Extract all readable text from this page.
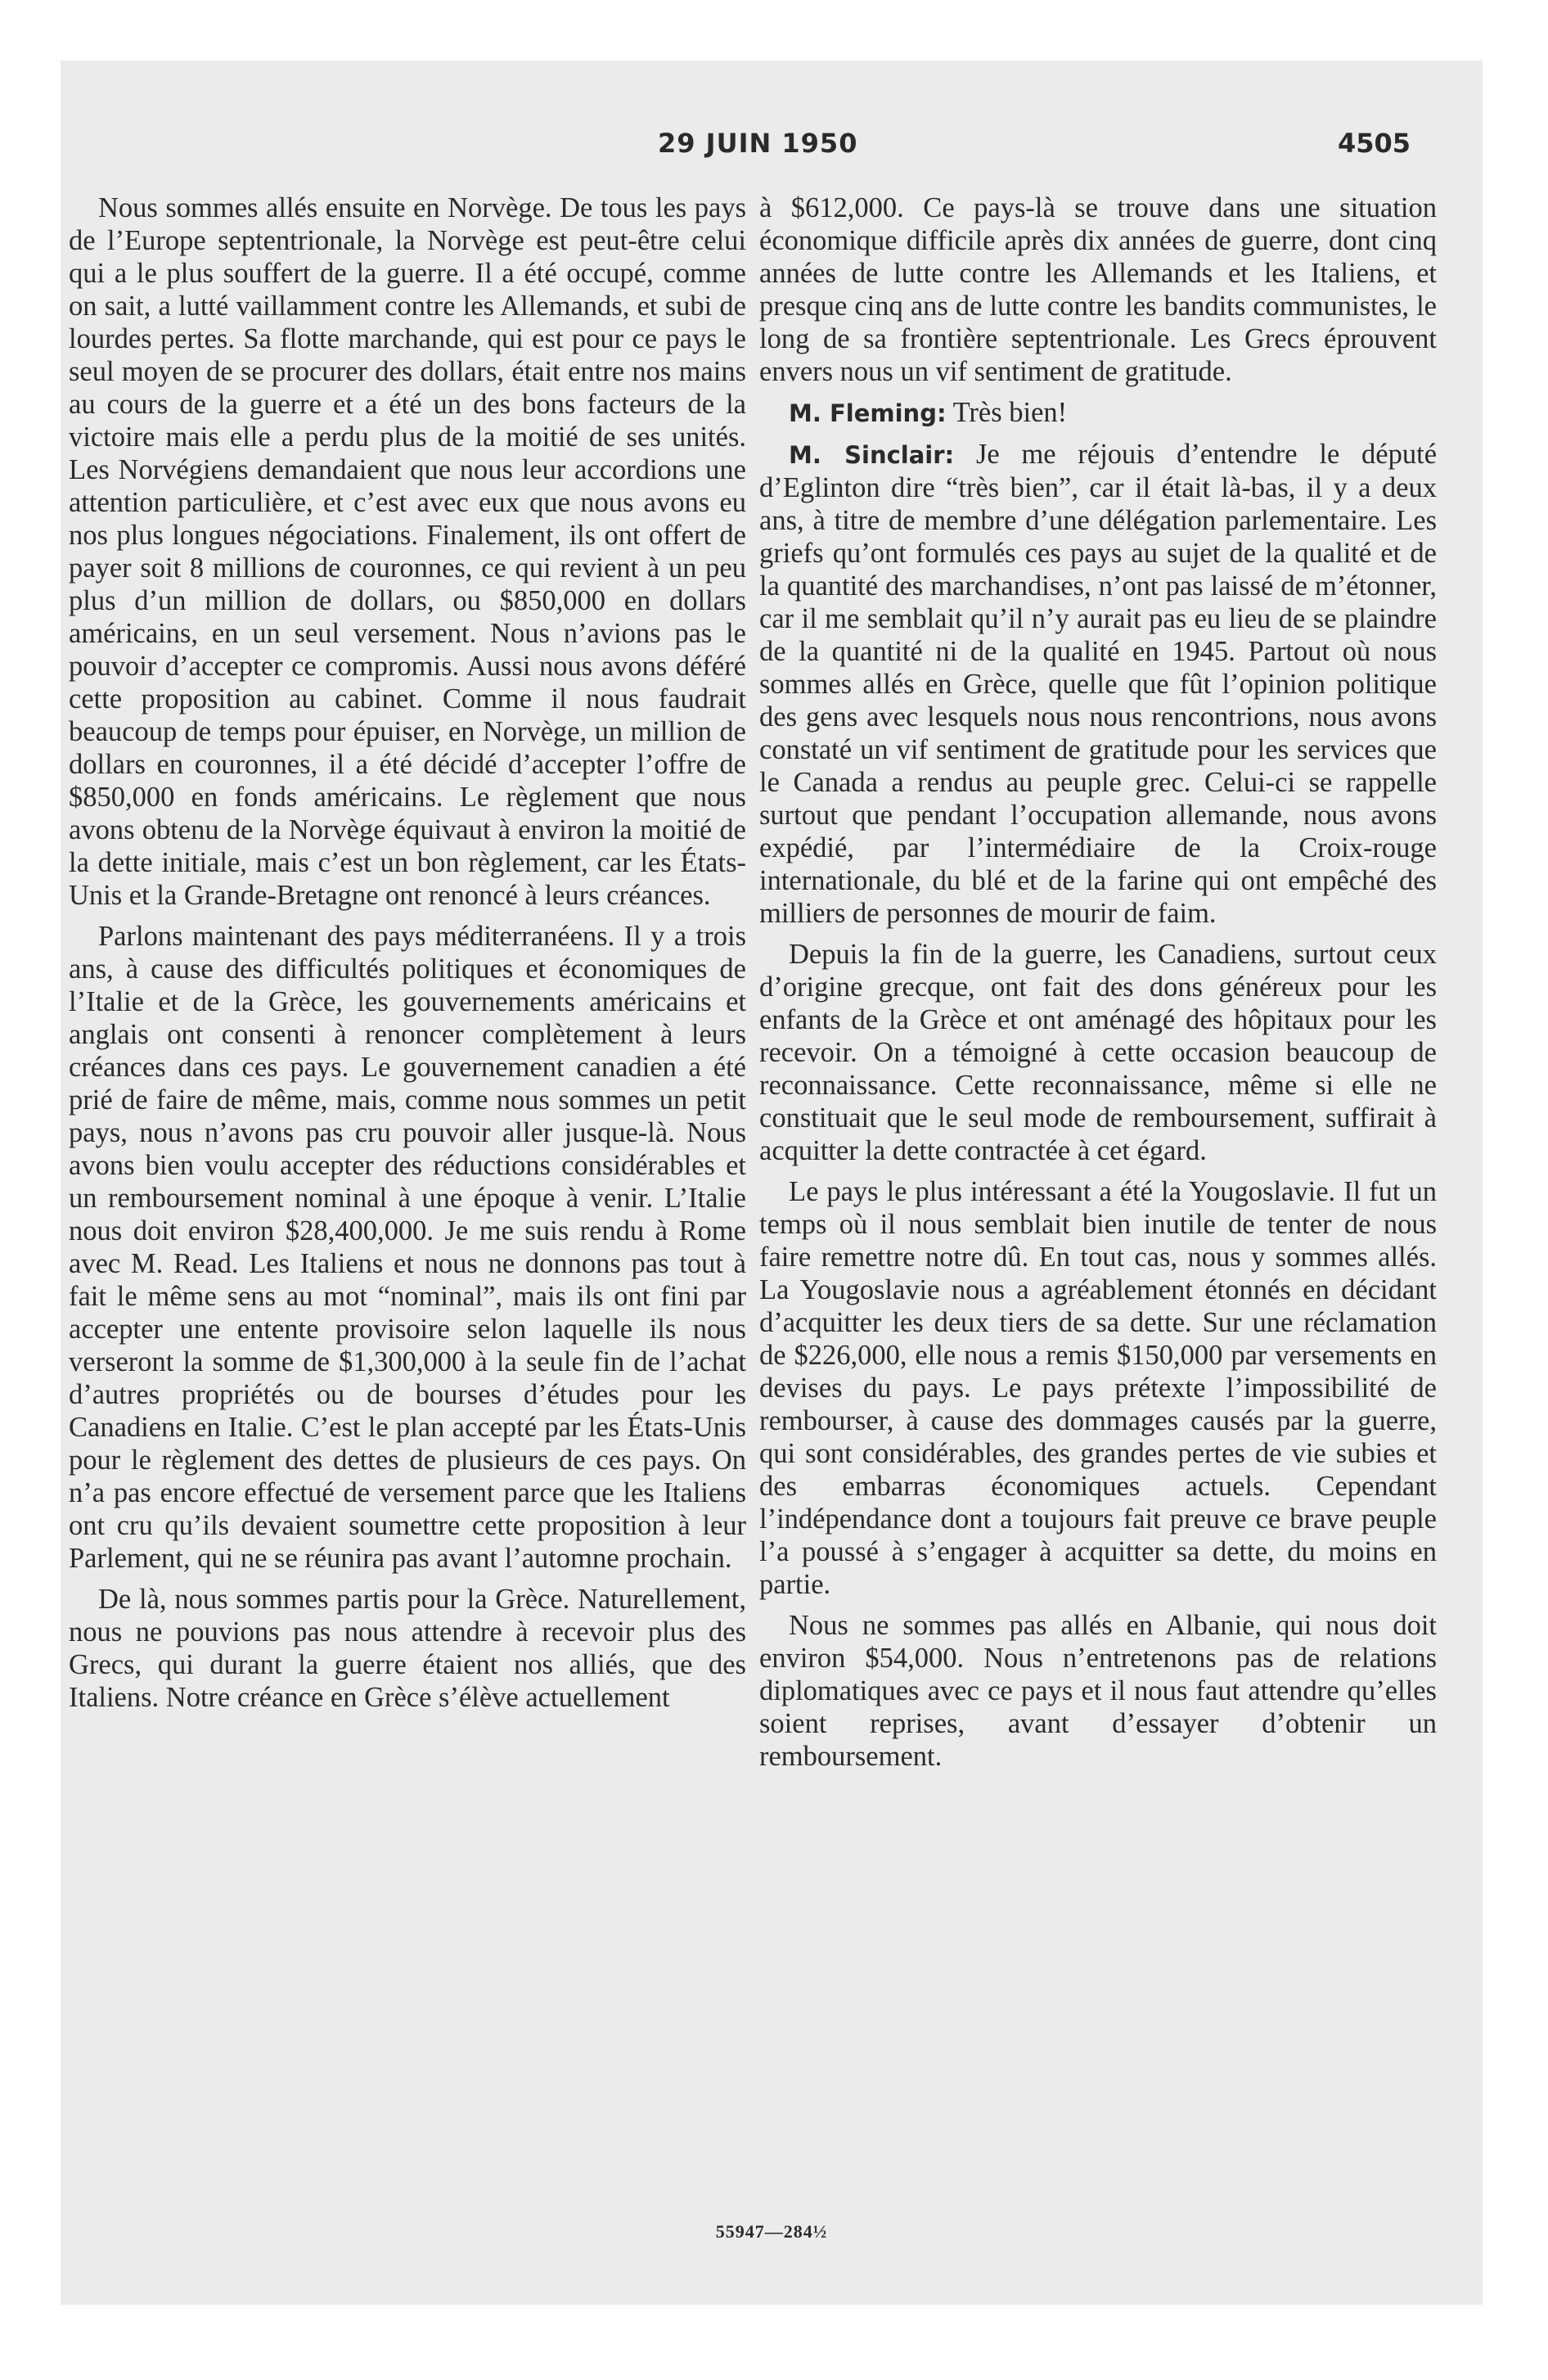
29 JUIN 1950	4505

Nous sommes allés ensuite en Norvège. De tous les pays de l’Europe septentrionale, la Norvège est peut-être celui qui a le plus souffert de la guerre. Il a été occupé, comme on sait, a lutté vaillamment contre les Allemands, et subi de lourdes pertes. Sa flotte marchande, qui est pour ce pays le seul moyen de se procurer des dollars, était entre nos mains au cours de la guerre et a été un des bons facteurs de la victoire mais elle a perdu plus de la moitié de ses unités. Les Norvégiens demandaient que nous leur accordions une attention particulière, et c’est avec eux que nous avons eu nos plus longues négociations. Finalement, ils ont offert de payer soit 8 millions de couronnes, ce qui revient à un peu plus d’un million de dollars, ou $850,000 en dollars américains, en un seul versement. Nous n’avions pas le pouvoir d’accepter ce compromis. Aussi nous avons déféré cette proposition au cabinet. Comme il nous faudrait beaucoup de temps pour épuiser, en Norvège, un million de dollars en couronnes, il a été décidé d’accepter l’offre de $850,000 en fonds américains. Le règlement que nous avons obtenu de la Norvège équivaut à environ la moitié de la dette initiale, mais c’est un bon règlement, car les États-Unis et la Grande-Bretagne ont renoncé à leurs créances.

Parlons maintenant des pays méditerranéens. Il y a trois ans, à cause des difficultés politiques et économiques de l’Italie et de la Grèce, les gouvernements américains et anglais ont consenti à renoncer complètement à leurs créances dans ces pays. Le gouvernement canadien a été prié de faire de même, mais, comme nous sommes un petit pays, nous n’avons pas cru pouvoir aller jusque-là. Nous avons bien voulu accepter des réductions considérables et un remboursement nominal à une époque à venir. L’Italie nous doit environ $28,400,000. Je me suis rendu à Rome avec M. Read. Les Italiens et nous ne donnons pas tout à fait le même sens au mot “nominal”, mais ils ont fini par accepter une entente provisoire selon laquelle ils nous verseront la somme de $1,300,000 à la seule fin de l’achat d’autres propriétés ou de bourses d’études pour les Canadiens en Italie. C’est le plan accepté par les États-Unis pour le règlement des dettes de plusieurs de ces pays. On n’a pas encore effectué de versement parce que les Italiens ont cru qu’ils devaient soumettre cette proposition à leur Parlement, qui ne se réunira pas avant l’automne prochain.

De là, nous sommes partis pour la Grèce. Naturellement, nous ne pouvions pas nous attendre à recevoir plus des Grecs, qui durant la guerre étaient nos alliés, que des Italiens. Notre créance en Grèce s’élève actuellement

à $612,000. Ce pays-là se trouve dans une situation économique difficile après dix années de guerre, dont cinq années de lutte contre les Allemands et les Italiens, et presque cinq ans de lutte contre les bandits communistes, le long de sa frontière septentrionale. Les Grecs éprouvent envers nous un vif sentiment de gratitude.

M. Fleming: Très bien!

M. Sinclair: Je me réjouis d’entendre le député d’Eglinton dire “très bien”, car il était là-bas, il y a deux ans, à titre de membre d’une délégation parlementaire. Les griefs qu’ont formulés ces pays au sujet de la qualité et de la quantité des marchandises, n’ont pas laissé de m’étonner, car il me semblait qu’il n’y aurait pas eu lieu de se plaindre de la quantité ni de la qualité en 1945. Partout où nous sommes allés en Grèce, quelle que fût l’opinion politique des gens avec lesquels nous nous rencontrions, nous avons constaté un vif sentiment de gratitude pour les services que le Canada a rendus au peuple grec. Celui-ci se rappelle surtout que pendant l’occupation allemande, nous avons expédié, par l’intermédiaire de la Croix-rouge internationale, du blé et de la farine qui ont empêché des milliers de personnes de mourir de faim.

Depuis la fin de la guerre, les Canadiens, surtout ceux d’origine grecque, ont fait des dons généreux pour les enfants de la Grèce et ont aménagé des hôpitaux pour les recevoir. On a témoigné à cette occasion beaucoup de reconnaissance. Cette reconnaissance, même si elle ne constituait que le seul mode de remboursement, suffirait à acquitter la dette contractée à cet égard.

Le pays le plus intéressant a été la Yougoslavie. Il fut un temps où il nous semblait bien inutile de tenter de nous faire remettre notre dû. En tout cas, nous y sommes allés. La Yougoslavie nous a agréablement étonnés en décidant d’acquitter les deux tiers de sa dette. Sur une réclamation de $226,000, elle nous a remis $150,000 par versements en devises du pays. Le pays prétexte l’impossibilité de rembourser, à cause des dommages causés par la guerre, qui sont considérables, des grandes pertes de vie subies et des embarras économiques actuels. Cependant l’indépendance dont a toujours fait preuve ce brave peuple l’a poussé à s’engager à acquitter sa dette, du moins en partie.

Nous ne sommes pas allés en Albanie, qui nous doit environ $54,000. Nous n’entretenons pas de relations diplomatiques avec ce pays et il nous faut attendre qu’elles soient reprises, avant d’essayer d’obtenir un remboursement.

55947—284½
